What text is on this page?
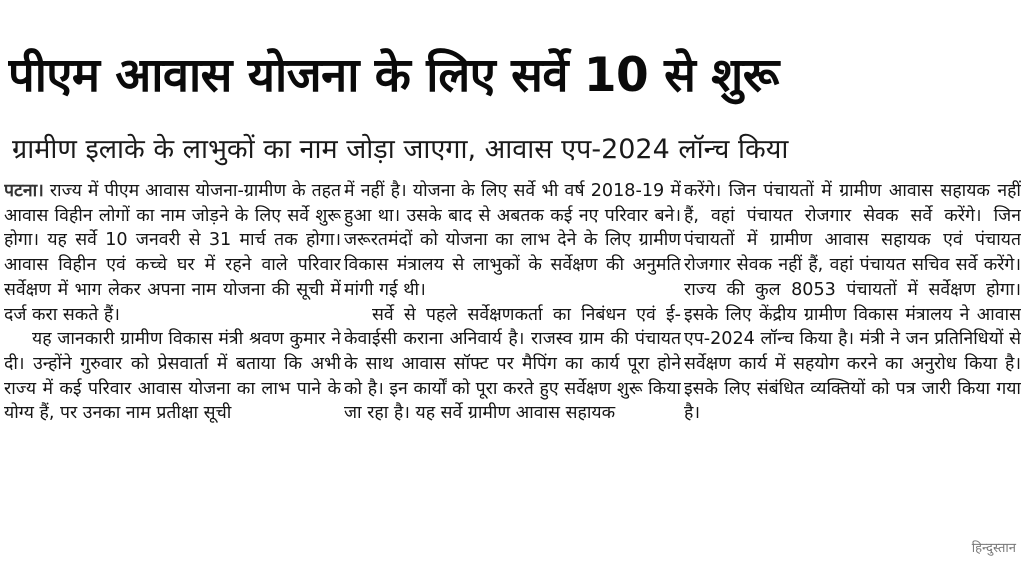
पीएम आवास योजना के लिए सर्वे 10 से शुरू
ग्रामीण इलाके के लाभुकों का नाम जोड़ा जाएगा, आवास एप-2024 लॉन्च किया

पटना। राज्य में पीएम आवास योजना-ग्रामीण के तहत आवास विहीन लोगों का नाम जोड़ने के लिए सर्वे शुरू होगा। यह सर्वे 10 जनवरी से 31 मार्च तक होगा। आवास विहीन एवं कच्चे घर में रहने वाले परिवार सर्वेक्षण में भाग लेकर अपना नाम योजना की सूची में दर्ज करा सकते हैं।

यह जानकारी ग्रामीण विकास मंत्री श्रवण कुमार ने दी। उन्होंने गुरुवार को प्रेसवार्ता में बताया कि अभी राज्य में कई परिवार आवास योजना का लाभ पाने के योग्य हैं, पर उनका नाम प्रतीक्षा सूची

में नहीं है। योजना के लिए सर्वे भी वर्ष 2018-19 में हुआ था। उसके बाद से अबतक कई नए परिवार बने। जरूरतमंदों को योजना का लाभ देने के लिए ग्रामीण विकास मंत्रालय से लाभुकों के सर्वेक्षण की अनुमति मांगी गई थी।

सर्वे से पहले सर्वेक्षणकर्ता का निबंधन एवं ई-केवाईसी कराना अनिवार्य है। राजस्व ग्राम की पंचायत के साथ आवास सॉफ्ट पर मैपिंग का कार्य पूरा होने को है। इन कार्यों को पूरा करते हुए सर्वेक्षण शुरू किया जा रहा है। यह सर्वे ग्रामीण आवास सहायक

करेंगे। जिन पंचायतों में ग्रामीण आवास सहायक नहीं हैं, वहां पंचायत रोजगार सेवक सर्वे करेंगे। जिन पंचायतों में ग्रामीण आवास सहायक एवं पंचायत रोजगार सेवक नहीं हैं, वहां पंचायत सचिव सर्वे करेंगे। राज्य की कुल 8053 पंचायतों में सर्वेक्षण होगा। इसके लिए केंद्रीय ग्रामीण विकास मंत्रालय ने आवास एप-2024 लॉन्च किया है। मंत्री ने जन प्रतिनिधियों से सर्वेक्षण कार्य में सहयोग करने का अनुरोध किया है। इसके लिए संबंधित व्यक्तियों को पत्र जारी किया गया है।

हिन्दुस्तान
